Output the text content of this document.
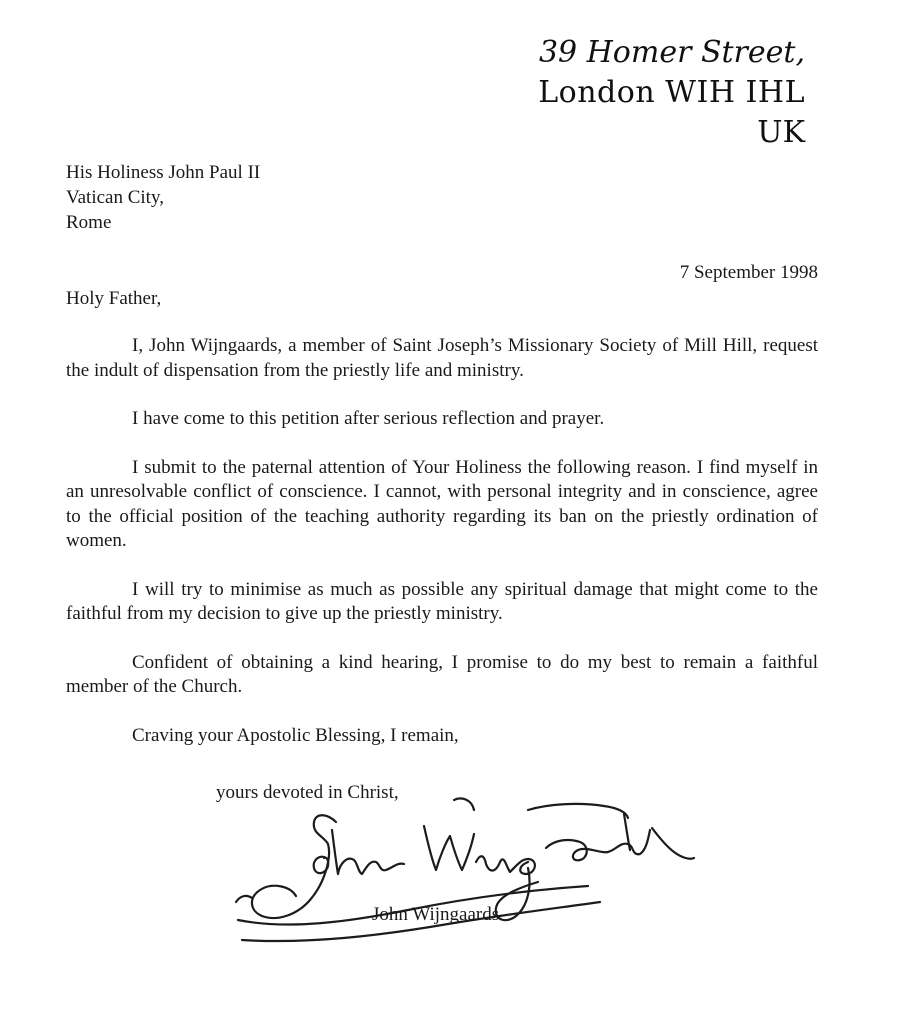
39 Homer Street,
London WIH IHL
UK
His Holiness John Paul II
Vatican City,
Rome
7 September 1998
Holy Father,

I, John Wijngaards, a member of Saint Joseph’s Missionary Society of Mill Hill, request the indult of dispensation from the priestly life and ministry.

I have come to this petition after serious reflection and prayer.

I submit to the paternal attention of Your Holiness the following reason. I find myself in an unresolvable conflict of conscience. I cannot, with personal integrity and in conscience, agree to the official position of the teaching authority regarding its ban on the priestly ordination of women.

I will try to minimise as much as possible any spiritual damage that might come to the faithful from my decision to give up the priestly ministry.

Confident of obtaining a kind hearing, I promise to do my best to remain a faithful member of the Church.

Craving your Apostolic Blessing, I remain,

yours devoted in Christ,
John Wijngaards
